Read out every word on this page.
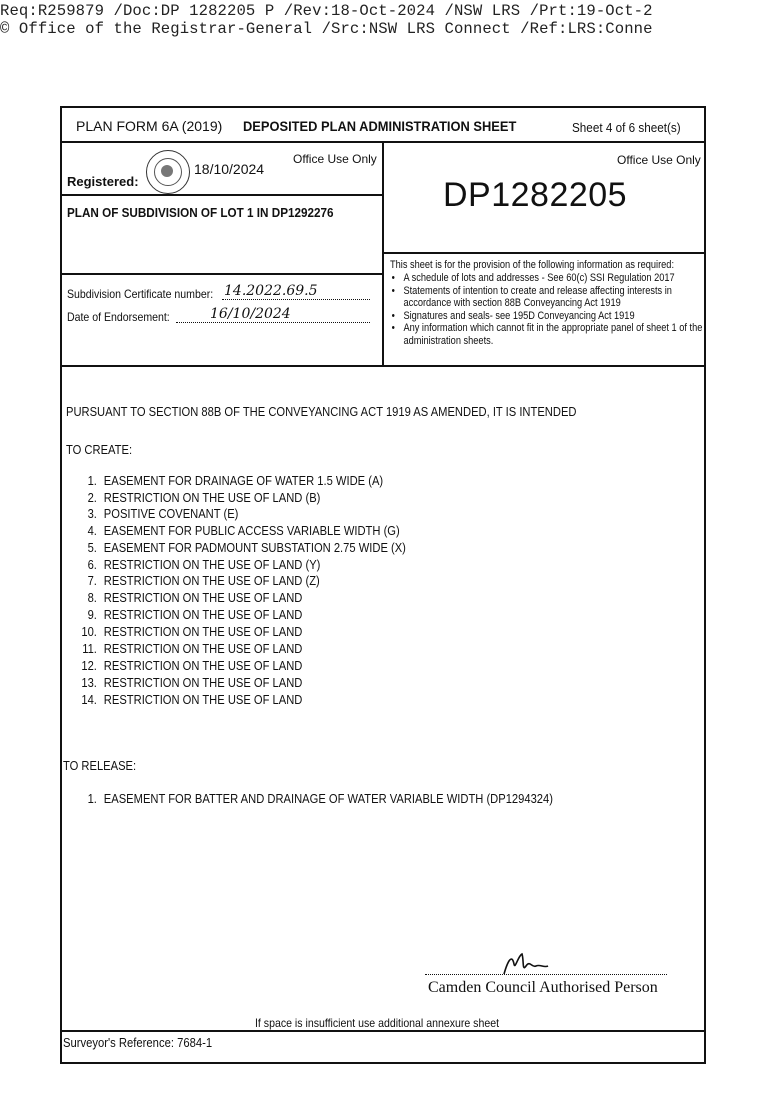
Req:R259879 /Doc:DP 1282205 P /Rev:18-Oct-2024 /NSW LRS /Prt:19-Oct-2
© Office of the Registrar-General /Src:NSW LRS Connect /Ref:LRS:Conne
PLAN FORM 6A (2019) DEPOSITED PLAN ADMINISTRATION SHEET	Sheet 4 of 6 sheet(s)
18/10/2024
Office Use Only
Registered:
PLAN OF SUBDIVISION OF LOT 1 IN DP1292276
Subdivision Certificate number: 14.2022.69.5
Date of Endorsement:	16/10/2024
Office Use Only
DP1282205
This sheet is for the provision of the following information as required:
• A schedule of lots and addresses - See 60(c) SSI Regulation 2017
• Statements of intention to create and release affecting interests in accordance with section 88B Conveyancing Act 1919
• Signatures and seals- see 195D Conveyancing Act 1919
• Any information which cannot fit in the appropriate panel of sheet 1 of the administration sheets.
PURSUANT TO SECTION 88B OF THE CONVEYANCING ACT 1919 AS AMENDED, IT IS INTENDED
TO CREATE:
1. EASEMENT FOR DRAINAGE OF WATER 1.5 WIDE (A)
2. RESTRICTION ON THE USE OF LAND (B)
3. POSITIVE COVENANT (E)
4. EASEMENT FOR PUBLIC ACCESS VARIABLE WIDTH (G)
5. EASEMENT FOR PADMOUNT SUBSTATION 2.75 WIDE (X)
6. RESTRICTION ON THE USE OF LAND (Y)
7. RESTRICTION ON THE USE OF LAND (Z)
8. RESTRICTION ON THE USE OF LAND
9. RESTRICTION ON THE USE OF LAND
10. RESTRICTION ON THE USE OF LAND
11. RESTRICTION ON THE USE OF LAND
12. RESTRICTION ON THE USE OF LAND
13. RESTRICTION ON THE USE OF LAND
14. RESTRICTION ON THE USE OF LAND
TO RELEASE:
1. EASEMENT FOR BATTER AND DRAINAGE OF WATER VARIABLE WIDTH (DP1294324)
Camden Council Authorised Person
If space is insufficient use additional annexure sheet
Surveyor's Reference: 7684-1
